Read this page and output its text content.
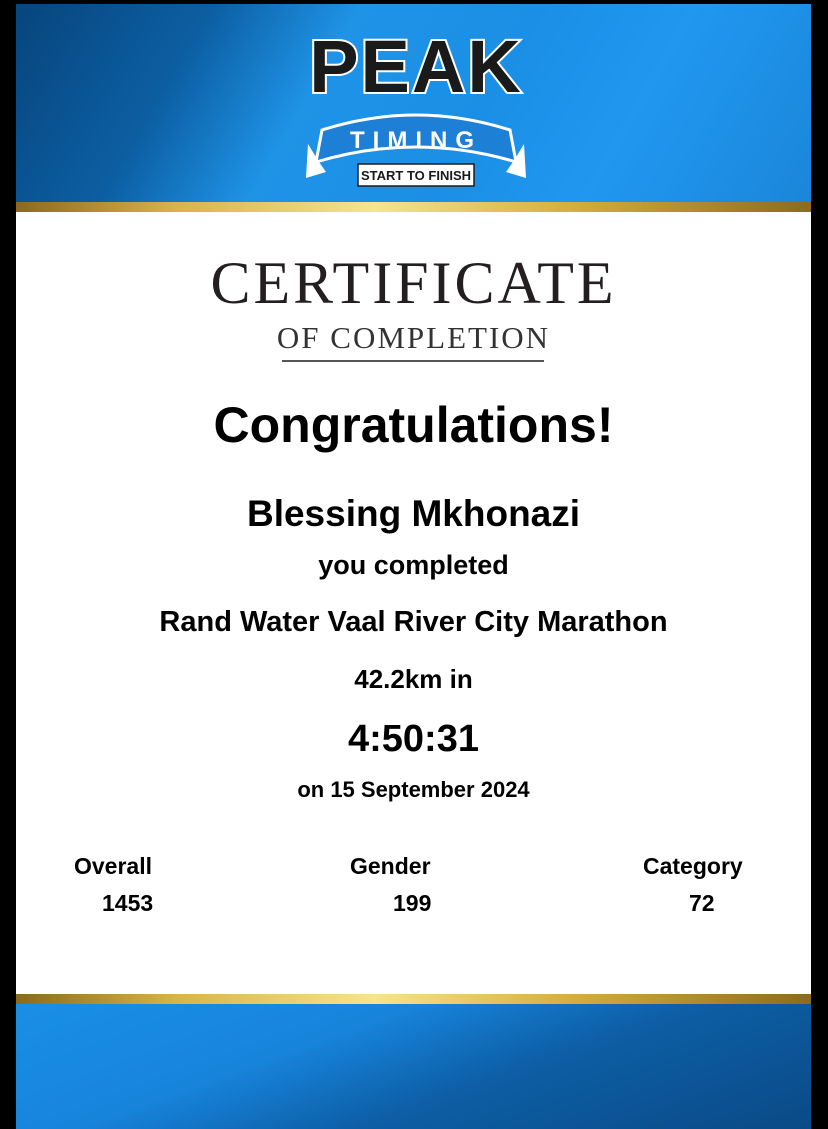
PEAK
TIMING
START TO FINISH
CERTIFICATE
OF COMPLETION
Congratulations!
Blessing Mkhonazi
you completed
Rand Water Vaal River City Marathon
42.2km in
4:50:31
on 15 September 2024
Overall
1453
Gender
199
Category
72
